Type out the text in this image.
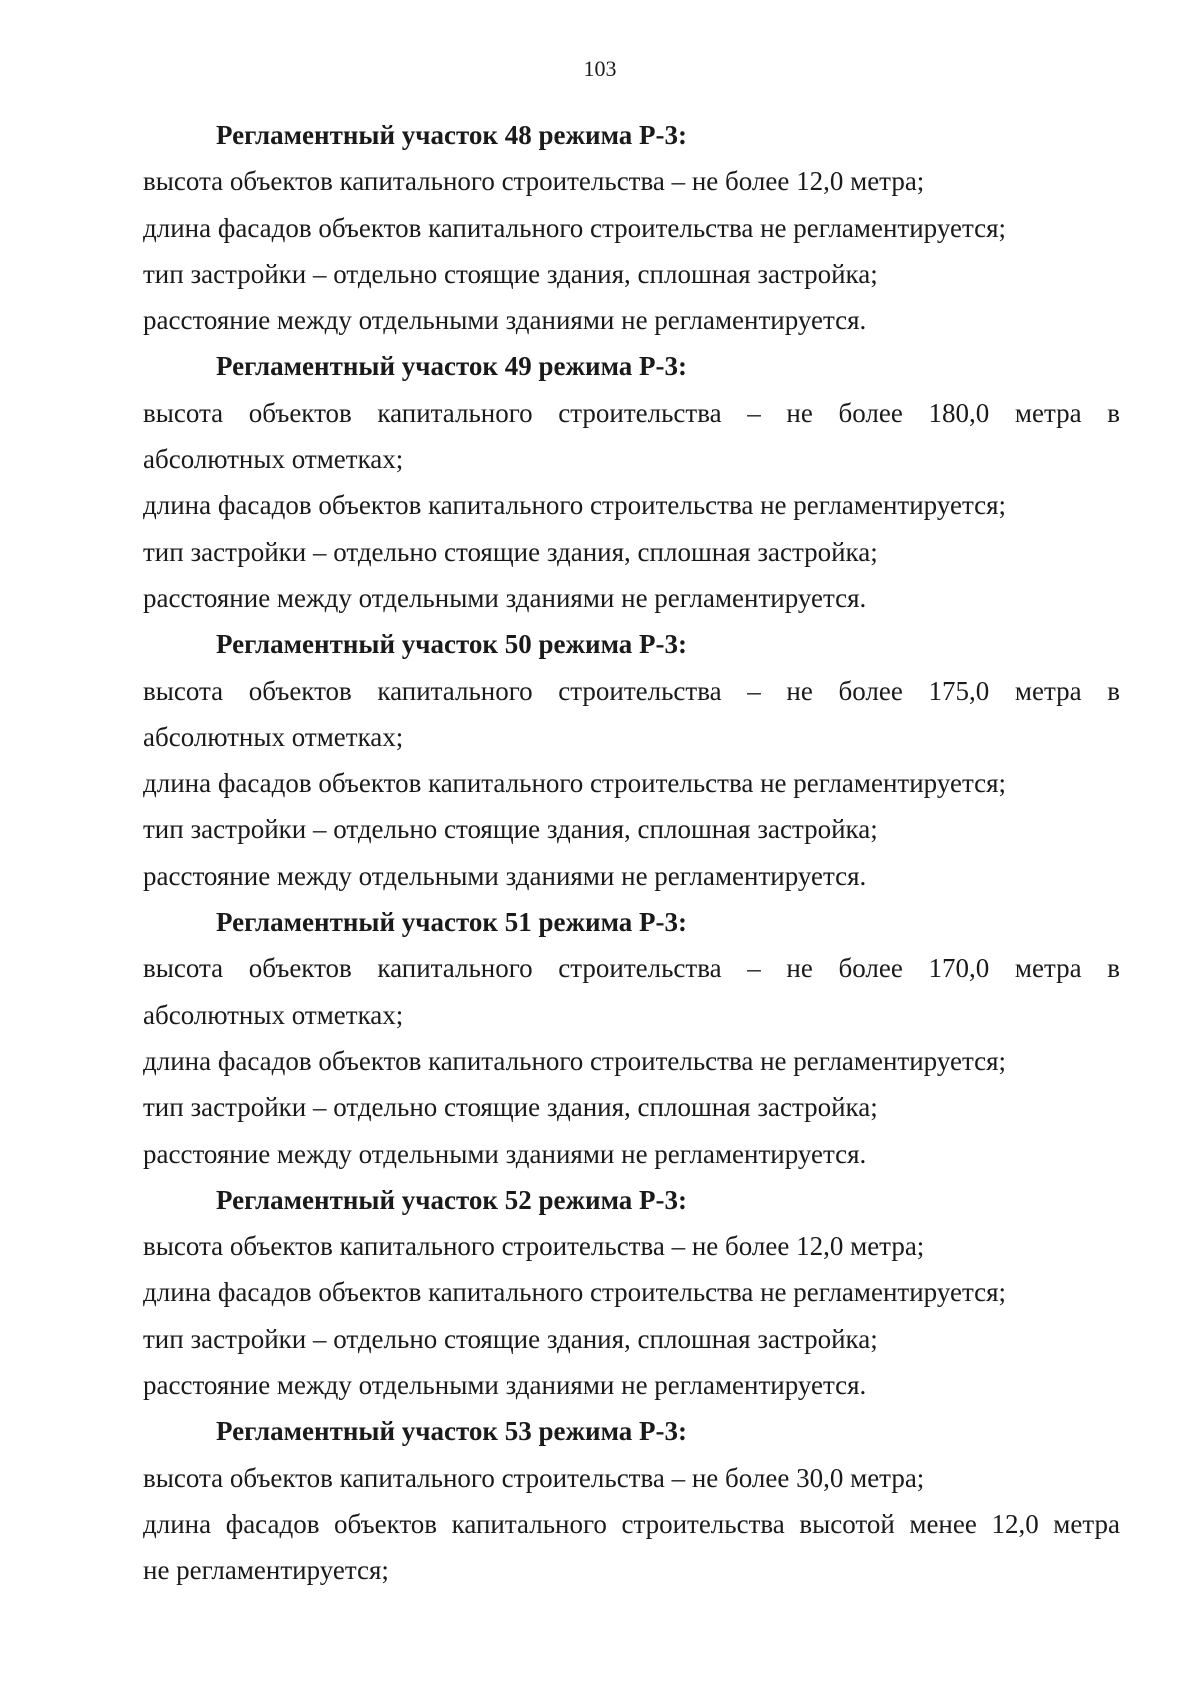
103
Регламентный участок 48 режима Р-3:
высота объектов капитального строительства – не более 12,0 метра;
длина фасадов объектов капитального строительства не регламентируется;
тип застройки – отдельно стоящие здания, сплошная застройка;
расстояние между отдельными зданиями не регламентируется.
Регламентный участок 49 режима Р-3:
высота объектов капитального строительства – не более 180,0 метра в
абсолютных отметках;
длина фасадов объектов капитального строительства не регламентируется;
тип застройки – отдельно стоящие здания, сплошная застройка;
расстояние между отдельными зданиями не регламентируется.
Регламентный участок 50 режима Р-3:
высота объектов капитального строительства – не более 175,0 метра в
абсолютных отметках;
длина фасадов объектов капитального строительства не регламентируется;
тип застройки – отдельно стоящие здания, сплошная застройка;
расстояние между отдельными зданиями не регламентируется.
Регламентный участок 51 режима Р-3:
высота объектов капитального строительства – не более 170,0 метра в
абсолютных отметках;
длина фасадов объектов капитального строительства не регламентируется;
тип застройки – отдельно стоящие здания, сплошная застройка;
расстояние между отдельными зданиями не регламентируется.
Регламентный участок 52 режима Р-3:
высота объектов капитального строительства – не более 12,0 метра;
длина фасадов объектов капитального строительства не регламентируется;
тип застройки – отдельно стоящие здания, сплошная застройка;
расстояние между отдельными зданиями не регламентируется.
Регламентный участок 53 режима Р-3:
высота объектов капитального строительства – не более 30,0 метра;
длина фасадов объектов капитального строительства высотой менее 12,0 метра
не регламентируется;
